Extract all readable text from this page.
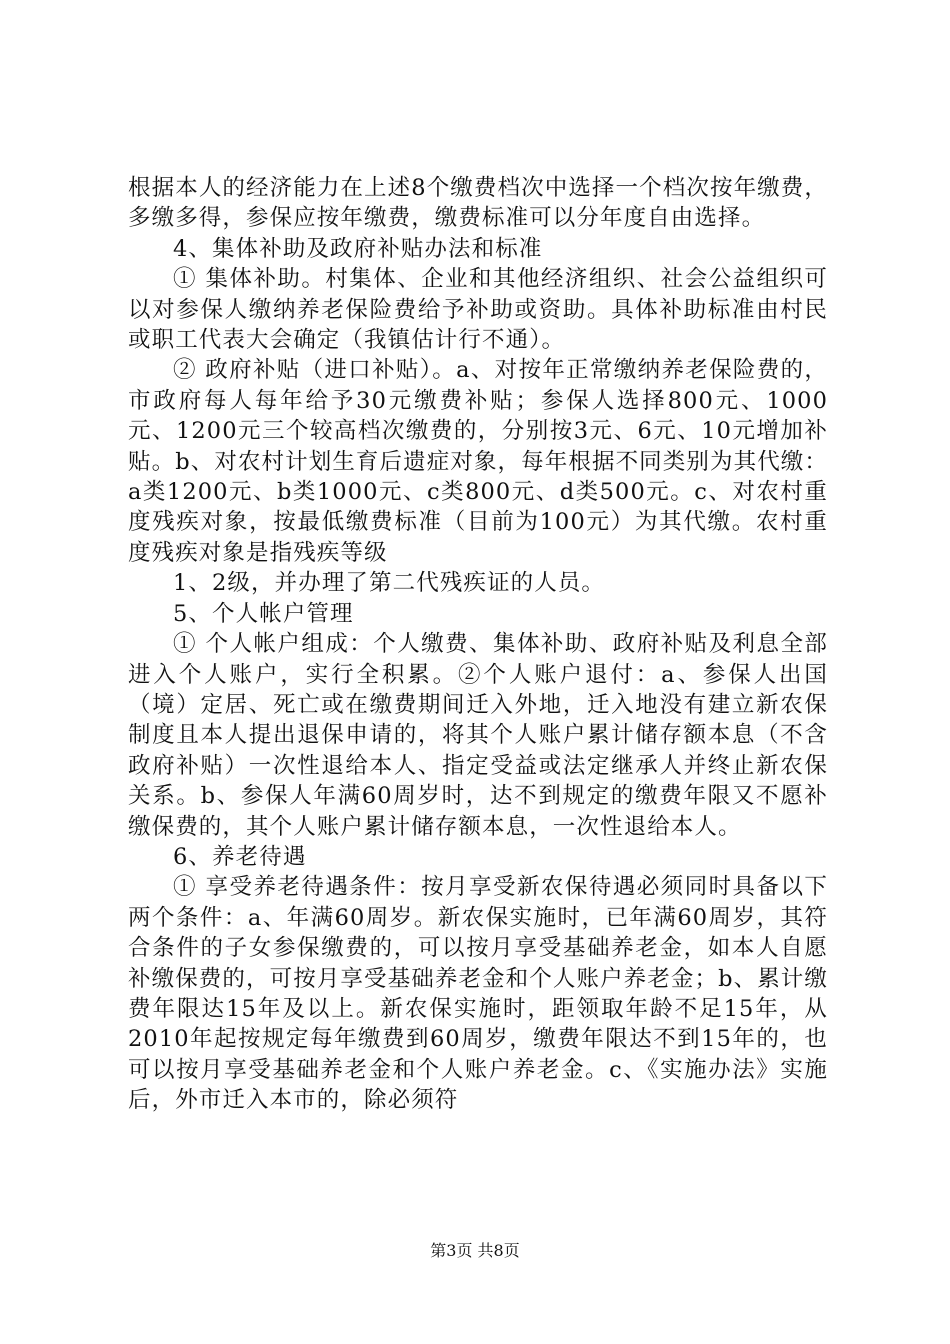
根据本人的经济能力在上述8个缴费档次中选择一个档次按年缴费，多缴多得，参保应按年缴费，缴费标准可以分年度自由选择。

4、集体补助及政府补贴办法和标准

① 集体补助。村集体、企业和其他经济组织、社会公益组织可以对参保人缴纳养老保险费给予补助或资助。具体补助标准由村民或职工代表大会确定（我镇估计行不通）。

② 政府补贴（进口补贴）。a、对按年正常缴纳养老保险费的，市政府每人每年给予30元缴费补贴；参保人选择800元、1000元、1200元三个较高档次缴费的，分别按3元、6元、10元增加补贴。b、对农村计划生育后遗症对象，每年根据不同类别为其代缴：a类1200元、b类1000元、c类800元、d类500元。c、对农村重度残疾对象，按最低缴费标准（目前为100元）为其代缴。农村重度残疾对象是指残疾等级

1、2级，并办理了第二代残疾证的人员。

5、个人帐户管理

① 个人帐户组成：个人缴费、集体补助、政府补贴及利息全部进入个人账户，实行全积累。②个人账户退付：a、参保人出国（境）定居、死亡或在缴费期间迁入外地，迁入地没有建立新农保制度且本人提出退保申请的，将其个人账户累计储存额本息（不含政府补贴）一次性退给本人、指定受益或法定继承人并终止新农保关系。b、参保人年满60周岁时，达不到规定的缴费年限又不愿补缴保费的，其个人账户累计储存额本息，一次性退给本人。

6、养老待遇

① 享受养老待遇条件：按月享受新农保待遇必须同时具备以下两个条件：a、年满60周岁。新农保实施时，已年满60周岁，其符合条件的子女参保缴费的，可以按月享受基础养老金，如本人自愿补缴保费的，可按月享受基础养老金和个人账户养老金；b、累计缴费年限达15年及以上。新农保实施时，距领取年龄不足15年，从2010年起按规定每年缴费到60周岁，缴费年限达不到15年的，也可以按月享受基础养老金和个人账户养老金。c、《实施办法》实施后，外市迁入本市的，除必须符

第3页 共8页
